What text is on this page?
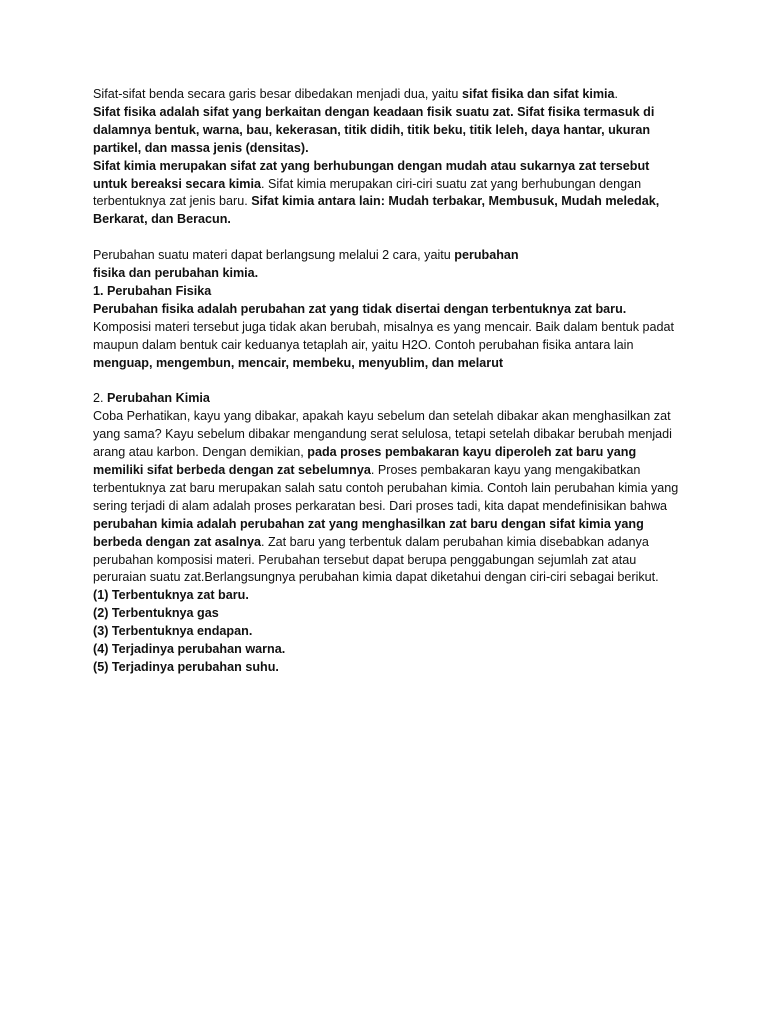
Sifat-sifat benda secara garis besar dibedakan menjadi dua, yaitu sifat fisika dan sifat kimia.

Sifat fisika adalah sifat yang berkaitan dengan keadaan fisik suatu zat. Sifat fisika termasuk di dalamnya bentuk, warna, bau, kekerasan, titik didih, titik beku, titik leleh, daya hantar, ukuran partikel, dan massa jenis (densitas).

Sifat kimia merupakan sifat zat yang berhubungan dengan mudah atau sukarnya zat tersebut untuk bereaksi secara kimia. Sifat kimia merupakan ciri-ciri suatu zat yang berhubungan dengan terbentuknya zat jenis baru. Sifat kimia antara lain: Mudah terbakar, Membusuk, Mudah meledak, Berkarat, dan Beracun.

Perubahan suatu materi dapat berlangsung melalui 2 cara, yaitu perubahan
fisika dan perubahan kimia.

1. Perubahan Fisika

Perubahan fisika adalah perubahan zat yang tidak disertai dengan terbentuknya zat baru. Komposisi materi tersebut juga tidak akan berubah, misalnya es yang mencair. Baik dalam bentuk padat maupun dalam bentuk cair keduanya tetaplah air, yaitu H2O. Contoh perubahan fisika antara lain menguap, mengembun, mencair, membeku, menyublim, dan melarut

2. Perubahan Kimia

Coba Perhatikan, kayu yang dibakar, apakah kayu sebelum dan setelah dibakar akan menghasilkan zat yang sama? Kayu sebelum dibakar mengandung serat selulosa, tetapi setelah dibakar berubah menjadi arang atau karbon. Dengan demikian, pada proses pembakaran kayu diperoleh zat baru yang memiliki sifat berbeda dengan zat sebelumnya. Proses pembakaran kayu yang mengakibatkan terbentuknya zat baru merupakan salah satu contoh perubahan kimia. Contoh lain perubahan kimia yang sering terjadi di alam adalah proses perkaratan besi. Dari proses tadi, kita dapat mendefinisikan bahwa perubahan kimia adalah perubahan zat yang menghasilkan zat baru dengan sifat kimia yang berbeda dengan zat asalnya. Zat baru yang terbentuk dalam perubahan kimia disebabkan adanya perubahan komposisi materi. Perubahan tersebut dapat berupa penggabungan sejumlah zat atau peruraian suatu zat.Berlangsungnya perubahan kimia dapat diketahui dengan ciri-ciri sebagai berikut.

(1) Terbentuknya zat baru.

(2) Terbentuknya gas

(3) Terbentuknya endapan.

(4) Terjadinya perubahan warna.

(5) Terjadinya perubahan suhu.
